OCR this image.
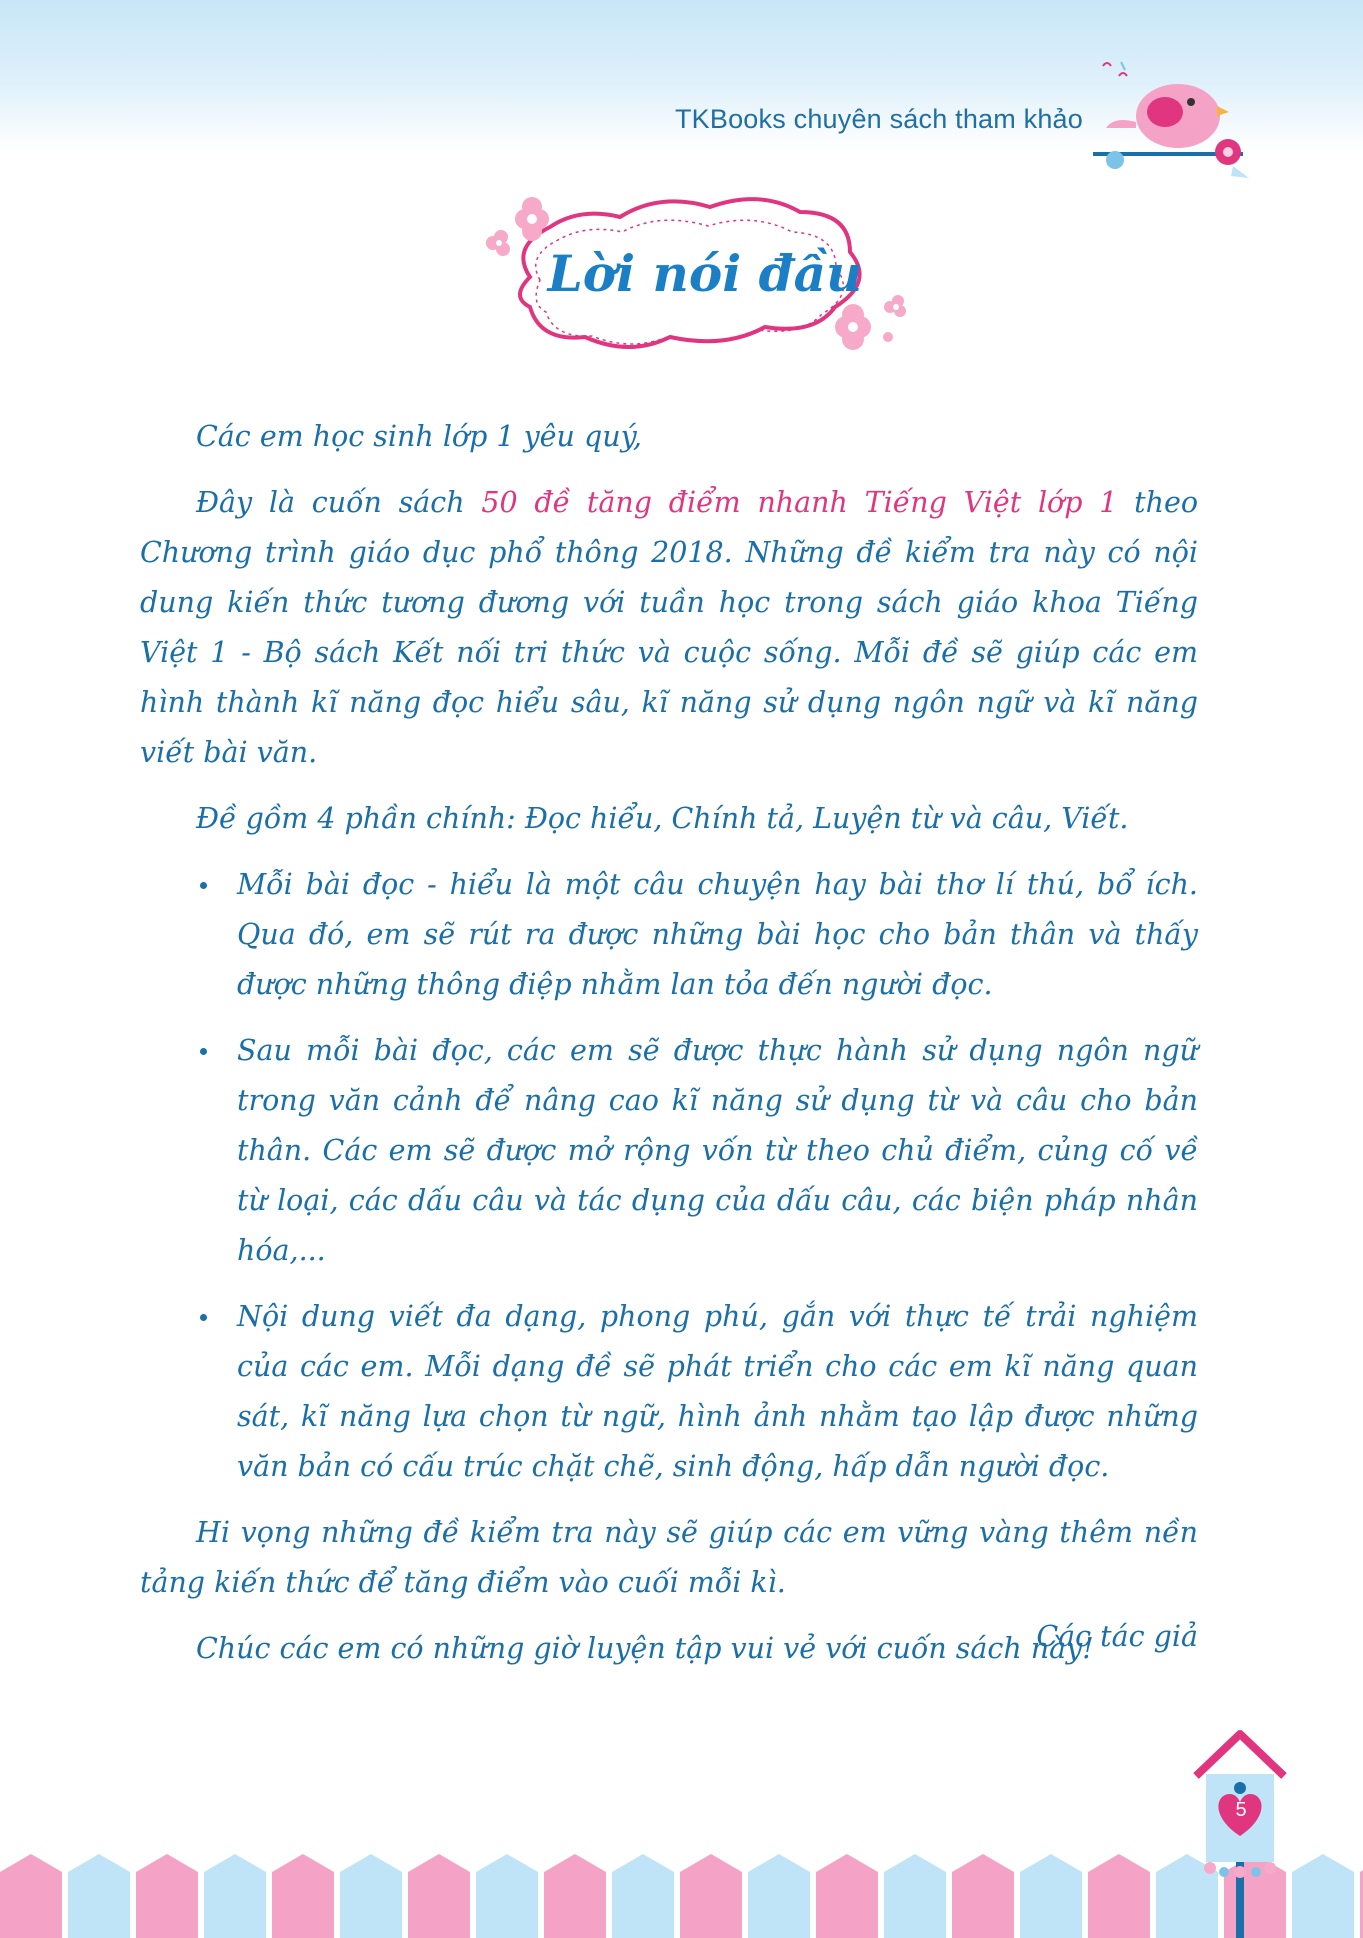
TKBooks chuyên sách tham khảo
Lời nói đầu

Các em học sinh lớp 1 yêu quý,

Đây là cuốn sách 50 đề tăng điểm nhanh Tiếng Việt lớp 1 theo Chương trình giáo dục phổ thông 2018. Những đề kiểm tra này có nội dung kiến thức tương đương với tuần học trong sách giáo khoa Tiếng Việt 1 - Bộ sách Kết nối tri thức và cuộc sống. Mỗi đề sẽ giúp các em hình thành kĩ năng đọc hiểu sâu, kĩ năng sử dụng ngôn ngữ và kĩ năng viết bài văn.

Đề gồm 4 phần chính: Đọc hiểu, Chính tả, Luyện từ và câu, Viết.

Mỗi bài đọc - hiểu là một câu chuyện hay bài thơ lí thú, bổ ích. Qua đó, em sẽ rút ra được những bài học cho bản thân và thấy được những thông điệp nhằm lan tỏa đến người đọc.
Sau mỗi bài đọc, các em sẽ được thực hành sử dụng ngôn ngữ trong văn cảnh để nâng cao kĩ năng sử dụng từ và câu cho bản thân. Các em sẽ được mở rộng vốn từ theo chủ điểm, củng cố về từ loại, các dấu câu và tác dụng của dấu câu, các biện pháp nhân hóa,...
Nội dung viết đa dạng, phong phú, gắn với thực tế trải nghiệm của các em. Mỗi dạng đề sẽ phát triển cho các em kĩ năng quan sát, kĩ năng lựa chọn từ ngữ, hình ảnh nhằm tạo lập được những văn bản có cấu trúc chặt chẽ, sinh động, hấp dẫn người đọc.

Hi vọng những đề kiểm tra này sẽ giúp các em vững vàng thêm nền tảng kiến thức để tăng điểm vào cuối mỗi kì.

Chúc các em có những giờ luyện tập vui vẻ với cuốn sách này!

Các tác giả
5
